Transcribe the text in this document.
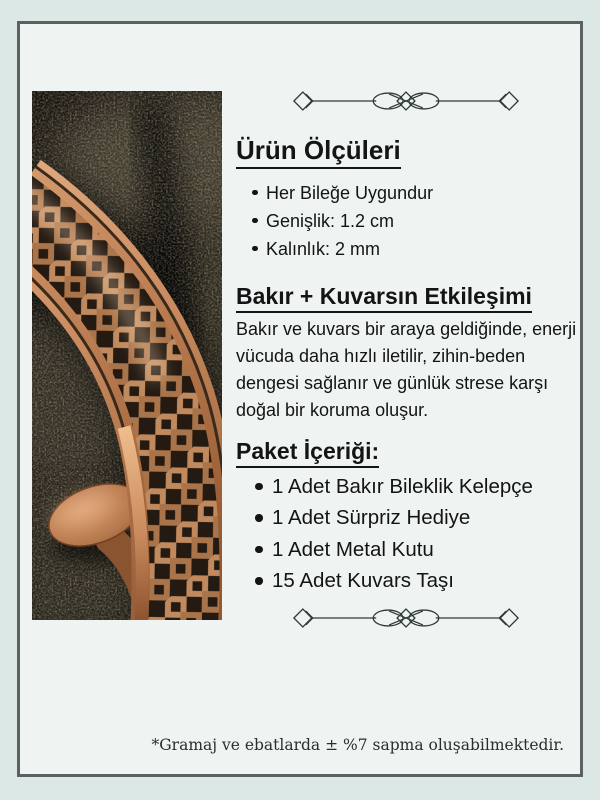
Ürün Ölçüleri
Her Bileğe Uygundur
Genişlik: 1.2 cm
Kalınlık: 2 mm
Bakır + Kuvarsın Etkileşimi

Bakır ve kuvars bir araya geldiğinde, enerji vücuda daha hızlı iletilir, zihin-beden dengesi sağlanır ve günlük strese karşı doğal bir koruma oluşur.

Paket İçeriği:
1 Adet Bakır Bileklik Kelepçe
1 Adet Sürpriz Hediye
1 Adet Metal Kutu
15 Adet Kuvars Taşı
*Gramaj ve ebatlarda ± %7 sapma oluşabilmektedir.
